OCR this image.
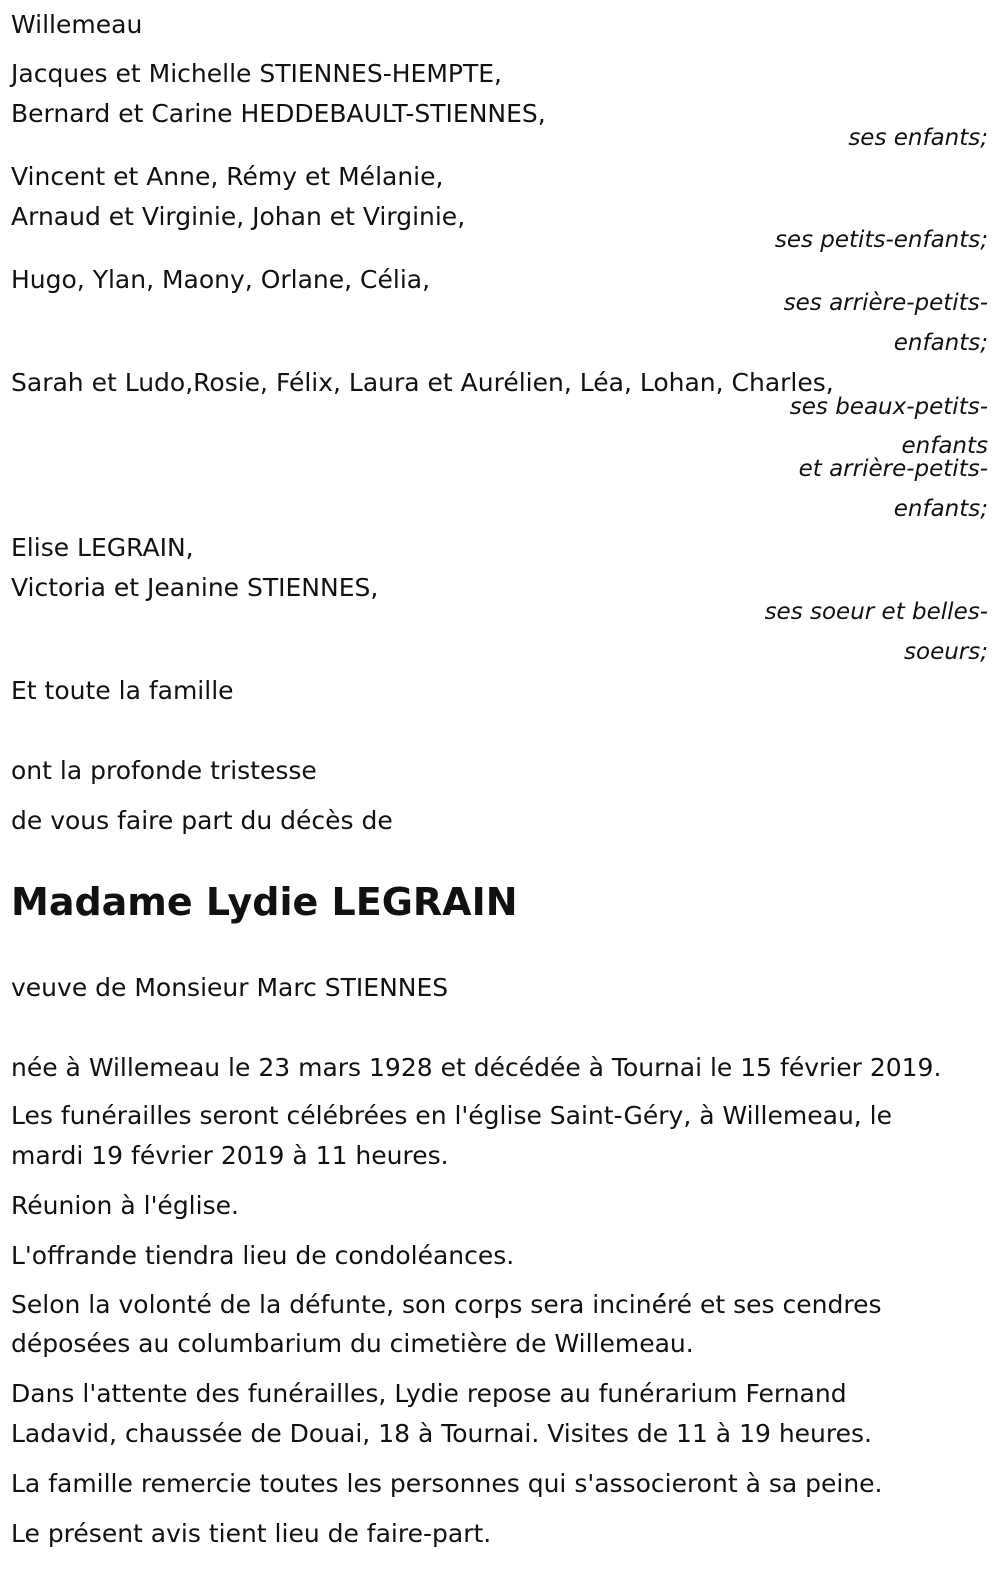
Willemeau

Jacques et Michelle STIENNES-HEMPTE,

Bernard et Carine HEDDEBAULT-STIENNES,

ses enfants;

Vincent et Anne, Rémy et Mélanie,

Arnaud et Virginie, Johan et Virginie,

ses petits-enfants;

Hugo, Ylan, Maony, Orlane, Célia,

ses arrière-petits-

enfants;

Sarah et Ludo,Rosie, Félix, Laura et Aurélien, Léa, Lohan, Charles,

ses beaux-petits-

enfants

et arrière-petits-

enfants;

Elise LEGRAIN,

Victoria et Jeanine STIENNES,

ses soeur et belles-

soeurs;

Et toute la famille

ont la profonde tristesse

de vous faire part du décès de

Madame Lydie LEGRAIN

veuve de Monsieur Marc STIENNES

née à Willemeau le 23 mars 1928 et décédée à Tournai le 15 février 2019.

Les funérailles seront célébrées en l'église Saint-Géry, à Willemeau, le

mardi 19 février 2019 à 11 heures.

Réunion à l'église.

L'offrande tiendra lieu de condoléances.

Selon la volonté de la défunte, son corps sera inciné́ré et ses cendres

déposées au columbarium du cimetière de Willemeau.

Dans l'attente des funérailles, Lydie repose au funérarium Fernand

Ladavid, chaussée de Douai, 18 à Tournai. Visites de 11 à 19 heures.

La famille remercie toutes les personnes qui s'associeront à sa peine.

Le présent avis tient lieu de faire-part.
